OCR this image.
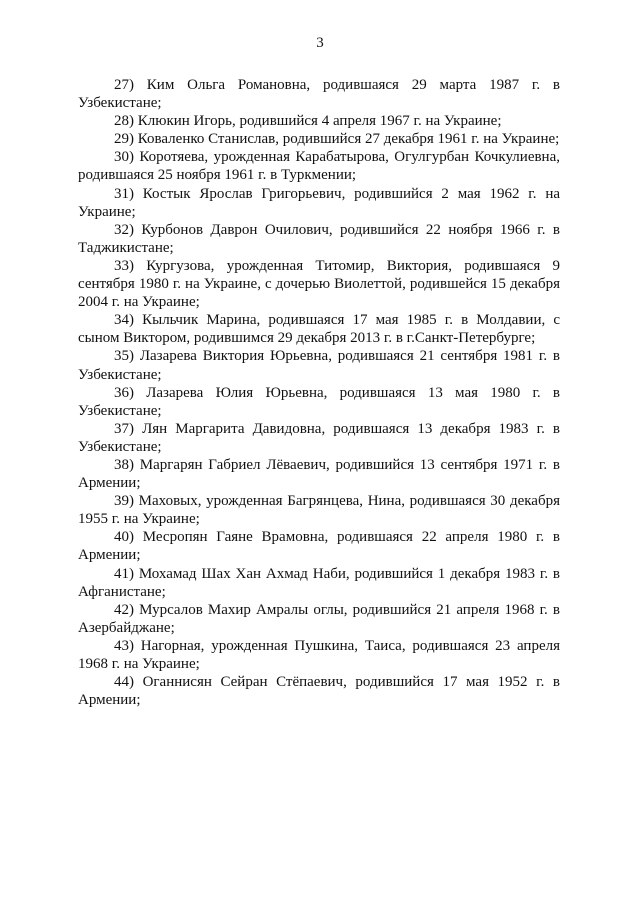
3

27) Ким Ольга Романовна, родившаяся 29 марта 1987 г. в Узбекистане;

28) Клюкин Игорь, родившийся 4 апреля 1967 г. на Украине;

29) Коваленко Станислав, родившийся 27 декабря 1961 г. на Украине;

30) Коротяева, урожденная Карабатырова, Огулгурбан Кочкулиевна, родившаяся 25 ноября 1961 г. в Туркмении;

31) Костык Ярослав Григорьевич, родившийся 2 мая 1962 г. на Украине;

32) Курбонов Даврон Очилович, родившийся 22 ноября 1966 г. в Таджикистане;

33) Кургузова, урожденная Титомир, Виктория, родившаяся 9 сентября 1980 г. на Украине, с дочерью Виолеттой, родившейся 15 декабря 2004 г. на Украине;

34) Кыльчик Марина, родившаяся 17 мая 1985 г. в Молдавии, с сыном Виктором, родившимся 29 декабря 2013 г. в г.Санкт-Петербурге;

35) Лазарева Виктория Юрьевна, родившаяся 21 сентября 1981 г. в Узбекистане;

36) Лазарева Юлия Юрьевна, родившаяся 13 мая 1980 г. в Узбекистане;

37) Лян Маргарита Давидовна, родившаяся 13 декабря 1983 г. в Узбекистане;

38) Маргарян Габриел Лёваевич, родившийся 13 сентября 1971 г. в Армении;

39) Маховых, урожденная Багрянцева, Нина, родившаяся 30 декабря 1955 г. на Украине;

40) Месропян Гаяне Врамовна, родившаяся 22 апреля 1980 г. в Армении;

41) Мохамад Шах Хан Ахмад Наби, родившийся 1 декабря 1983 г. в Афганистане;

42) Мурсалов Махир Амралы оглы, родившийся 21 апреля 1968 г. в Азербайджане;

43) Нагорная, урожденная Пушкина, Таиса, родившаяся 23 апреля 1968 г. на Украине;

44) Оганнисян Сейран Стёпаевич, родившийся 17 мая 1952 г. в Армении;
